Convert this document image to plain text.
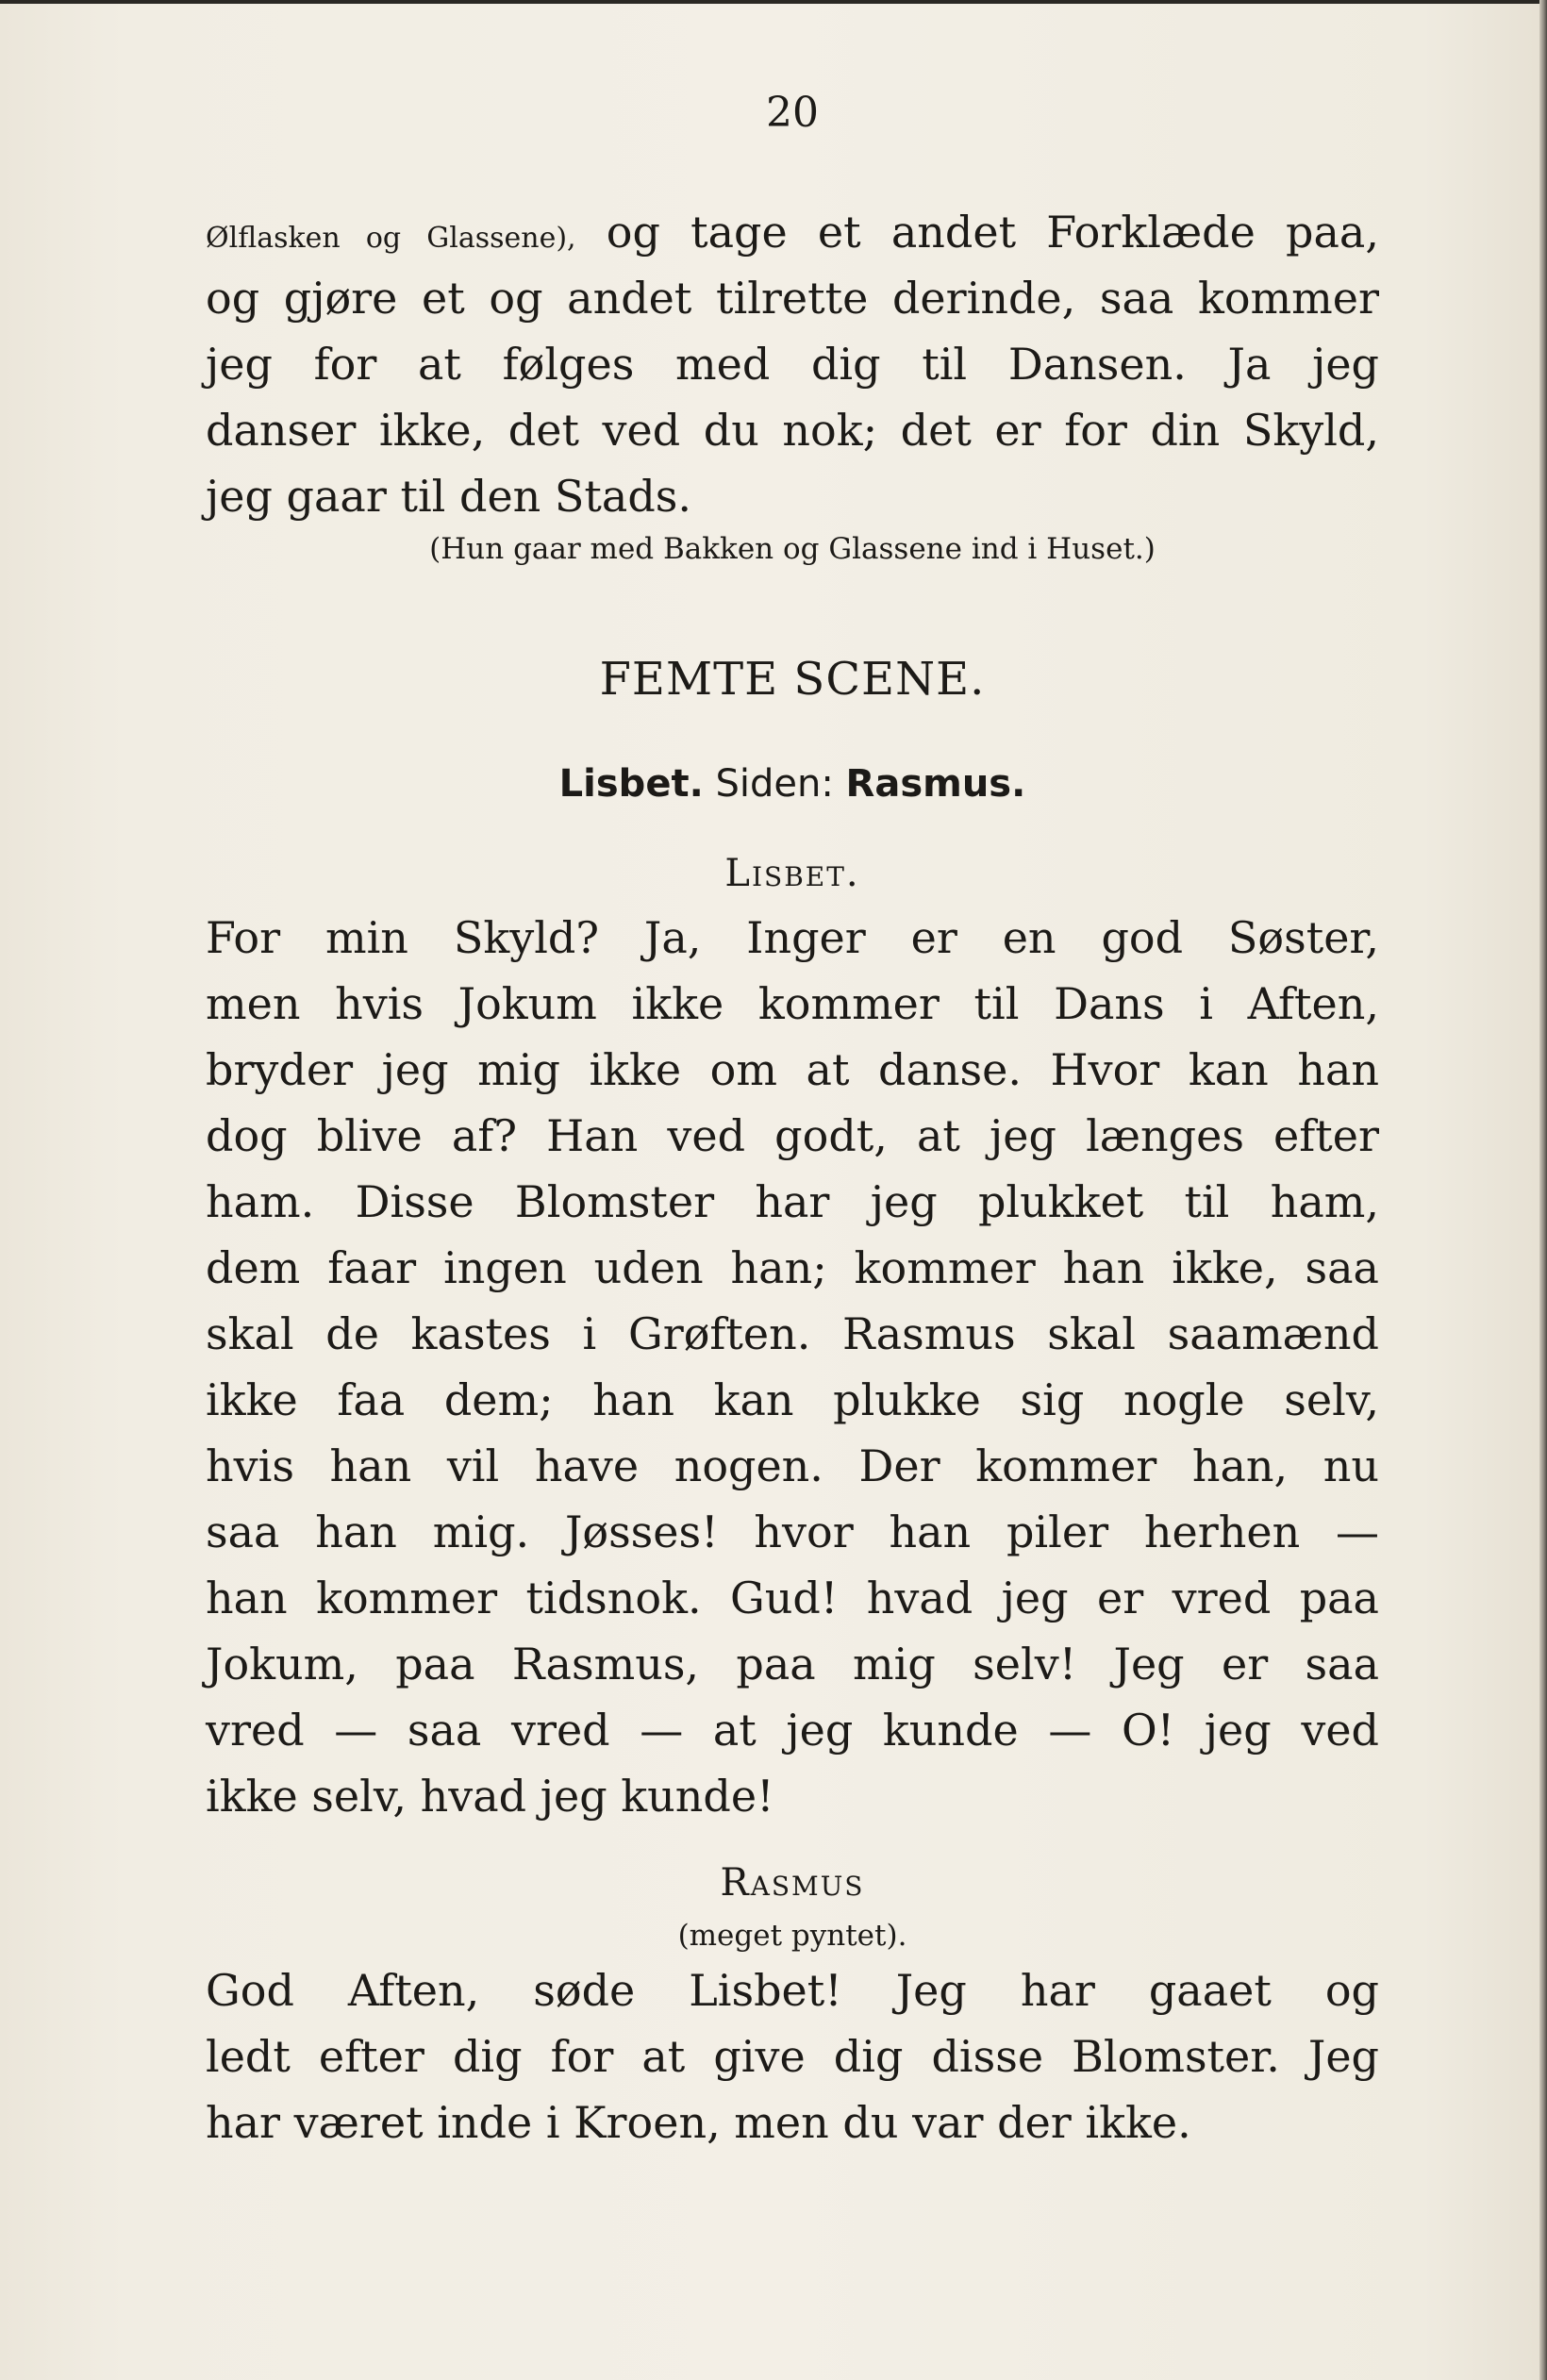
20
Ølflasken og Glassene), og tage et andet Forklæde paa,
og gjøre et og andet tilrette derinde, saa kommer
jeg for at følges med dig til Dansen. Ja jeg
danser ikke, det ved du nok; det er for din Skyld,
jeg gaar til den Stads.
(Hun gaar med Bakken og Glassene ind i Huset.)
FEMTE SCENE.
Lisbet. Siden: Rasmus.
Lisbet.
For min Skyld? Ja, Inger er en god Søster,
men hvis Jokum ikke kommer til Dans i Aften,
bryder jeg mig ikke om at danse. Hvor kan han
dog blive af? Han ved godt, at jeg længes efter
ham. Disse Blomster har jeg plukket til ham,
dem faar ingen uden han; kommer han ikke, saa
skal de kastes i Grøften. Rasmus skal saamænd
ikke faa dem; han kan plukke sig nogle selv,
hvis han vil have nogen. Der kommer han, nu
saa han mig. Jøsses! hvor han piler herhen —
han kommer tidsnok. Gud! hvad jeg er vred paa
Jokum, paa Rasmus, paa mig selv! Jeg er saa
vred — saa vred — at jeg kunde — O! jeg ved
ikke selv, hvad jeg kunde!
Rasmus
(meget pyntet).
God Aften, søde Lisbet! Jeg har gaaet og
ledt efter dig for at give dig disse Blomster. Jeg
har været inde i Kroen, men du var der ikke.
